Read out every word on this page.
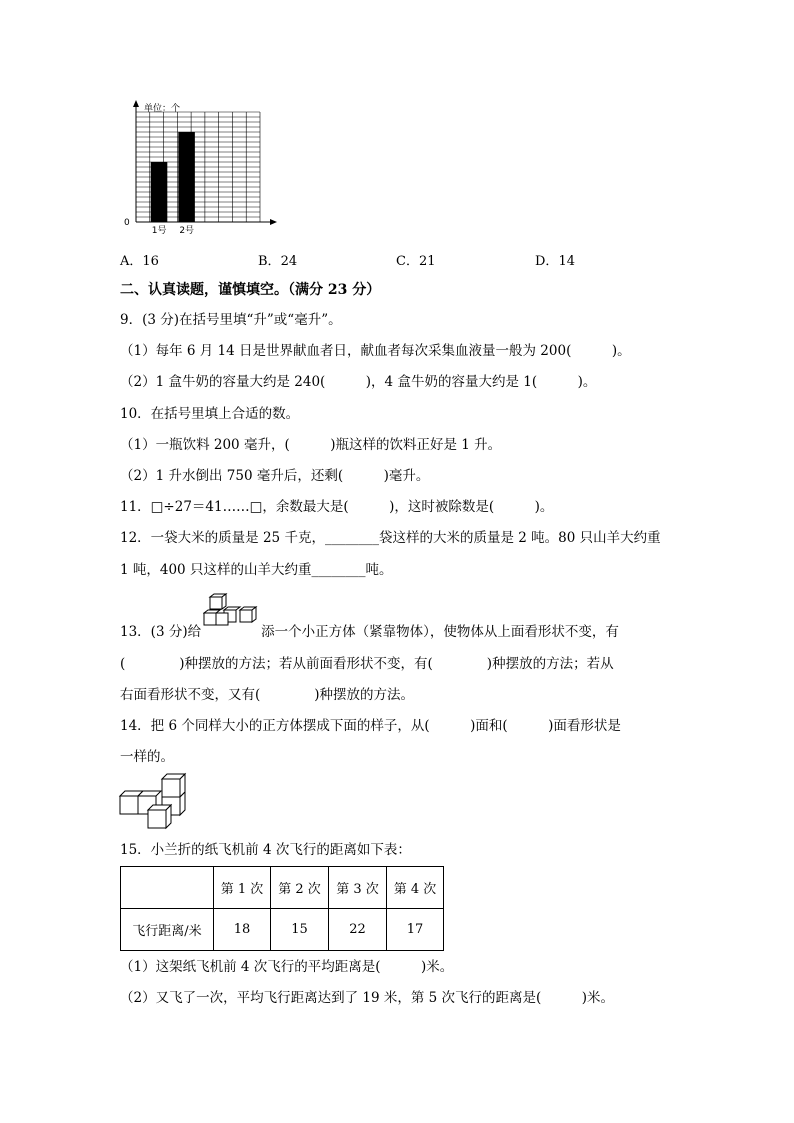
单位：个
0
1号 2号
A．16	B．24	C．21	D．14
二、认真读题，谨慎填空。（满分 23 分）
9．(3 分)在括号里填“升”或“毫升”。
（1）每年 6 月 14 日是世界献血者日，献血者每次采集血液量一般为 200(　　　)。
（2）1 盒牛奶的容量大约是 240(　　　)，4 盒牛奶的容量大约是 1(　　　)。
10．在括号里填上合适的数。
（1）一瓶饮料 200 毫升，(　　　)瓶这样的饮料正好是 1 升。
（2）1 升水倒出 750 毫升后，还剩(　　　)毫升。
11．□÷27＝41……□，余数最大是(　　　)，这时被除数是(　　　)。
12．一袋大米的质量是 25 千克，________袋这样的大米的质量是 2 吨。80 只山羊大约重
1 吨，400 只这样的山羊大约重________吨。
13．(3 分)给	添一个小正方体（紧靠物体），使物体从上面看形状不变，有
(　　　　)种摆放的方法；若从前面看形状不变，有(　　　　)种摆放的方法；若从
右面看形状不变，又有(　　　　)种摆放的方法。
14．把 6 个同样大小的正方体摆成下面的样子，从(　　　)面和(　　　)面看形状是
一样的。
15．小兰折的纸飞机前 4 次飞行的距离如下表：
	第 1 次	第 2 次	第 3 次	第 4 次
飞行距离/米	18	15	22	17
（1）这架纸飞机前 4 次飞行的平均距离是(　　　)米。
（2）又飞了一次，平均飞行距离达到了 19 米，第 5 次飞行的距离是(　　　)米。
